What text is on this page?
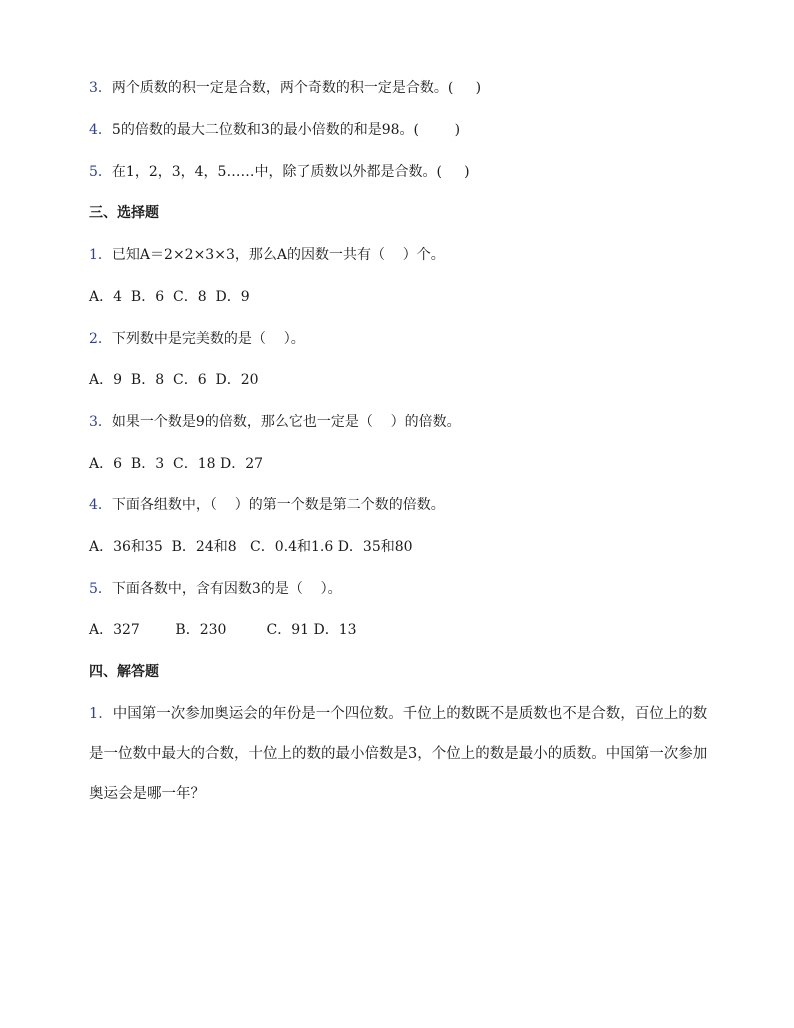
3．两个质数的积一定是合数，两个奇数的积一定是合数。(     )
4．5的倍数的最大二位数和3的最小倍数的和是98。(        )
5．在1，2，3，4，5……中，除了质数以外都是合数。(     )
三、选择题
1．已知A＝2×2×3×3，那么A的因数一共有（    ）个。
A．4  B．6  C．8  D．9
2．下列数中是完美数的是（    ）。
A．9  B．8  C．6  D．20
3．如果一个数是9的倍数，那么它也一定是（    ）的倍数。
A．6  B．3  C．18 D．27
4．下面各组数中，（    ）的第一个数是第二个数的倍数。
A．36和35  B．24和8   C．0.4和1.6 D．35和80
5．下面各数中，含有因数3的是（    ）。
A．327        B．230         C．91 D．13
四、解答题
1．中国第一次参加奥运会的年份是一个四位数。千位上的数既不是质数也不是合数，百位上的数是一位数中最大的合数，十位上的数的最小倍数是3，个位上的数是最小的质数。中国第一次参加奥运会是哪一年？
